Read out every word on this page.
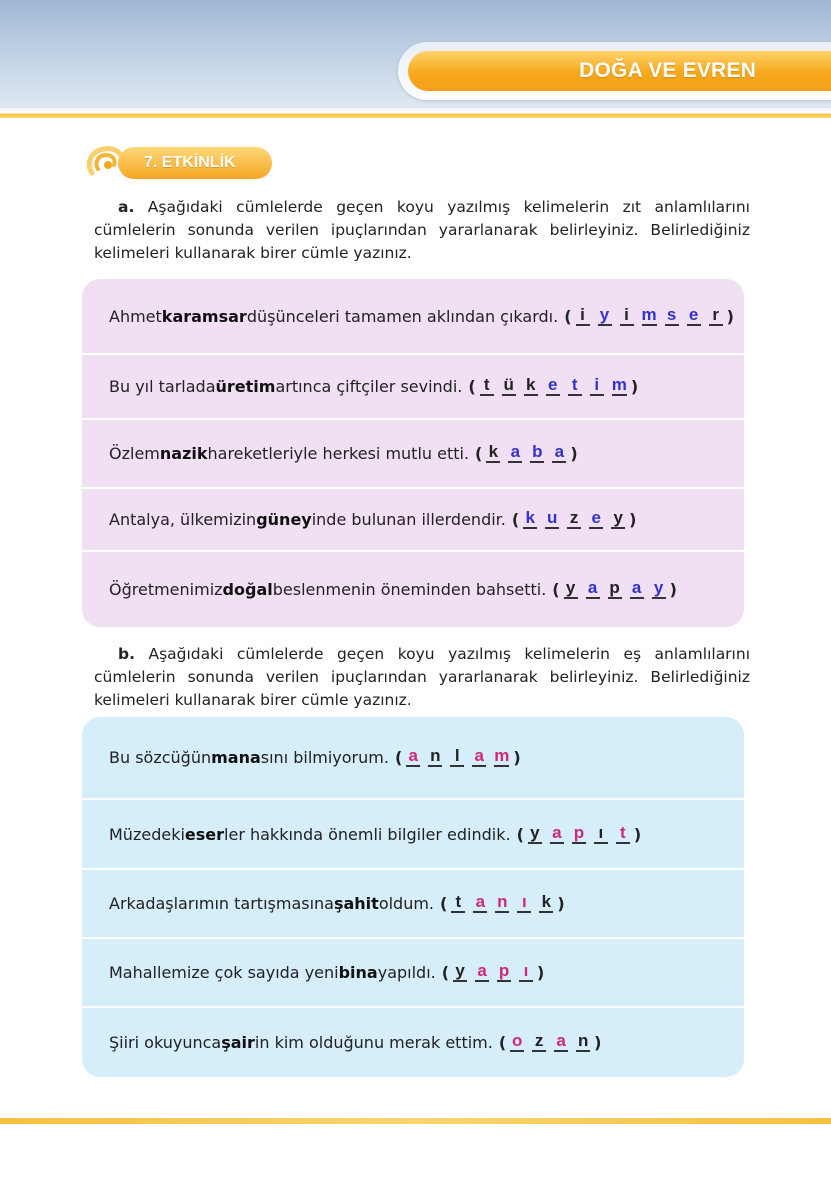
DOĞA VE EVREN
7. ETKİNLİK

a. Aşağıdaki cümlelerde geçen koyu yazılmış kelimelerin zıt anlamlılarını cümlelerin sonunda verilen ipuçlarından yararlanarak belirleyiniz. Belirlediğiniz kelimeleri kullanarak birer cümle yazınız.

Ahmet karamsar düşünceleri tamamen aklından çıkardı. ( i y i m s e r )
Bu yıl tarlada üretim artınca çiftçiler sevindi. ( t ü k e t i m )
Özlem nazik hareketleriyle herkesi mutlu etti. ( k a b a )
Antalya, ülkemizin güney inde bulunan illerdendir. ( k u z e y )
Öğretmenimiz doğal beslenmenin öneminden bahsetti. ( y a p a y )

b. Aşağıdaki cümlelerde geçen koyu yazılmış kelimelerin eş anlamlılarını cümlelerin sonunda verilen ipuçlarından yararlanarak belirleyiniz. Belirlediğiniz kelimeleri kullanarak birer cümle yazınız.

Bu sözcüğün mana sını bilmiyorum. ( a n l a m )
Müzedeki eser ler hakkında önemli bilgiler edindik. ( y a p ı t )
Arkadaşlarımın tartışmasına şahit oldum. ( t a n ı k )
Mahallemize çok sayıda yeni bina yapıldı. ( y a p ı )
Şiiri okuyunca şair in kim olduğunu merak ettim. ( o z a n )
